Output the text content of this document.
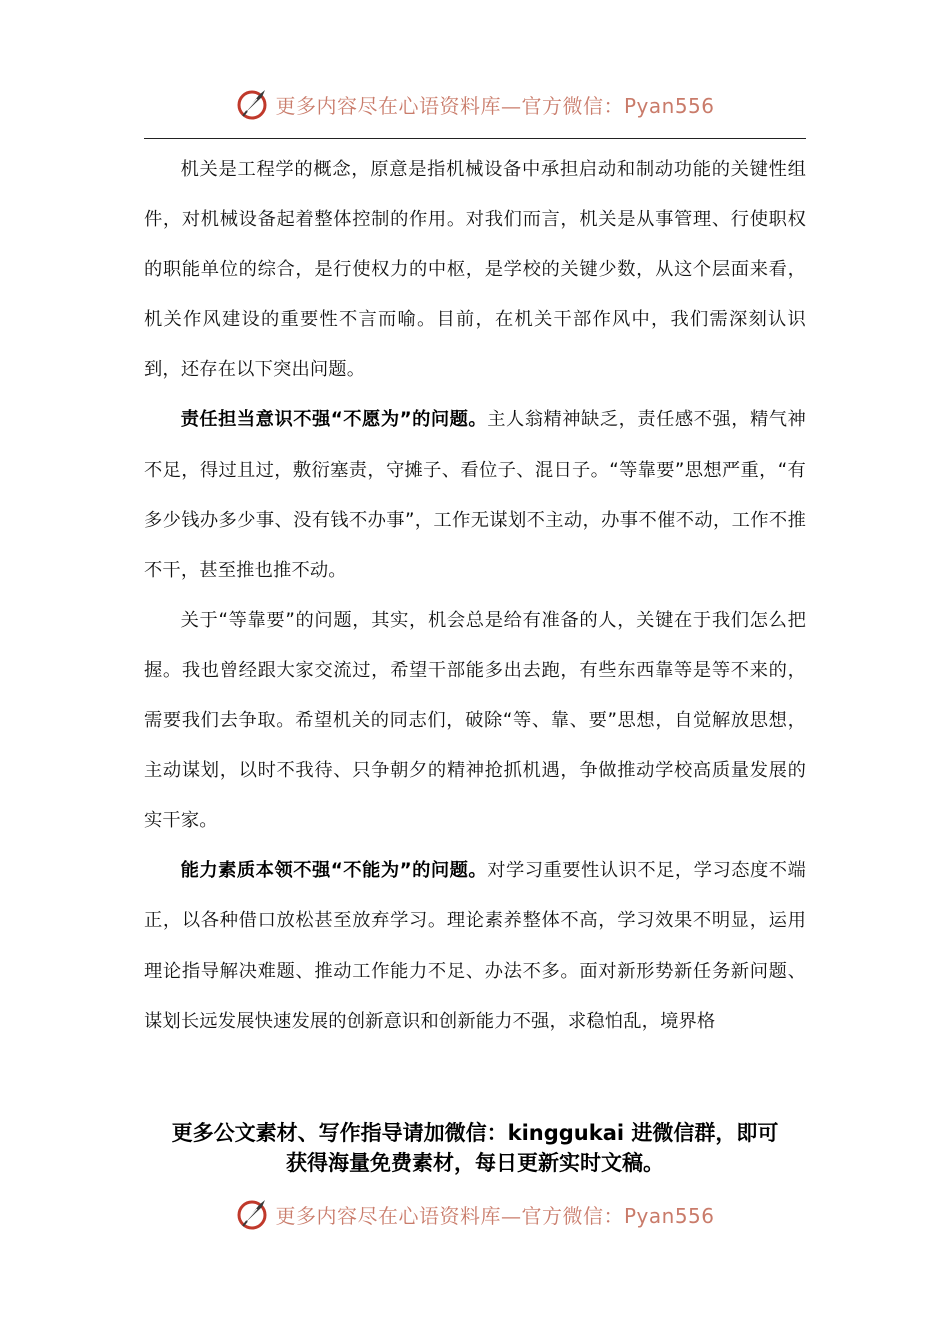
更多内容尽在心语资料库—官方微信：Pyan556

机关是工程学的概念，原意是指机械设备中承担启动和制动功能的关键性组件，对机械设备起着整体控制的作用。对我们而言，机关是从事管理、行使职权的职能单位的综合，是行使权力的中枢，是学校的关键少数，从这个层面来看，机关作风建设的重要性不言而喻。目前，在机关干部作风中，我们需深刻认识到，还存在以下突出问题。

责任担当意识不强“不愿为”的问题。主人翁精神缺乏，责任感不强，精气神不足，得过且过，敷衍塞责，守摊子、看位子、混日子。“等靠要”思想严重，“有多少钱办多少事、没有钱不办事”，工作无谋划不主动，办事不催不动，工作不推不干，甚至推也推不动。

关于“等靠要”的问题，其实，机会总是给有准备的人，关键在于我们怎么把握。我也曾经跟大家交流过，希望干部能多出去跑，有些东西靠等是等不来的，需要我们去争取。希望机关的同志们，破除“等、靠、要”思想，自觉解放思想，主动谋划，以时不我待、只争朝夕的精神抢抓机遇，争做推动学校高质量发展的实干家。

能力素质本领不强“不能为”的问题。对学习重要性认识不足，学习态度不端正，以各种借口放松甚至放弃学习。理论素养整体不高，学习效果不明显，运用理论指导解决难题、推动工作能力不足、办法不多。面对新形势新任务新问题、谋划长远发展快速发展的创新意识和创新能力不强，求稳怕乱，境界格

更多公文素材、写作指导请加微信：kinggukai 进微信群，即可
获得海量免费素材，每日更新实时文稿。
更多内容尽在心语资料库—官方微信：Pyan556
